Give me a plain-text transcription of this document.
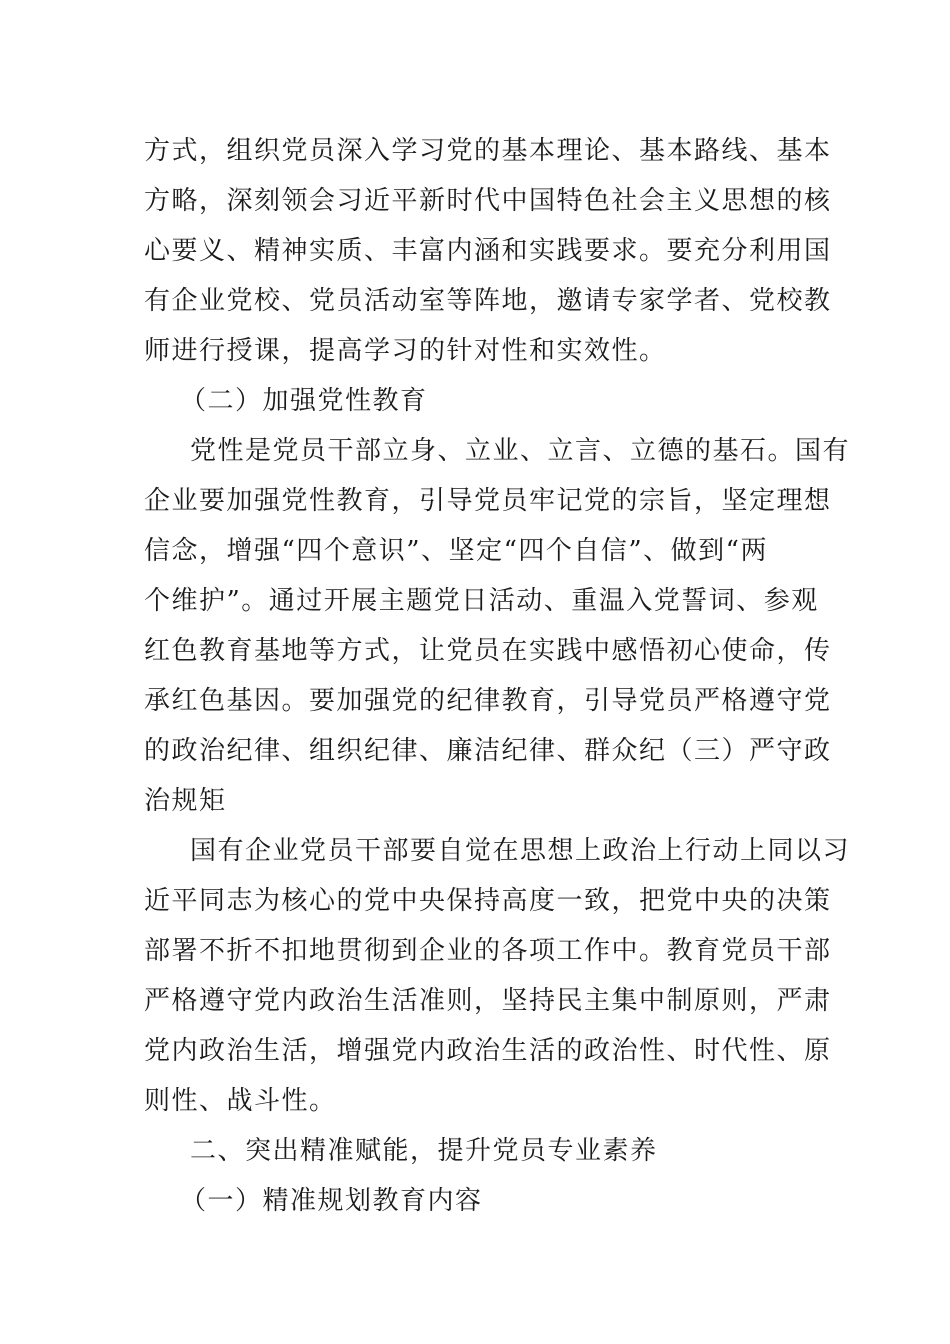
方式，组织党员深入学习党的基本理论、基本路线、基本
方略，深刻领会习近平新时代中国特色社会主义思想的核
心要义、精神实质、丰富内涵和实践要求。要充分利用国
有企业党校、党员活动室等阵地，邀请专家学者、党校教
师进行授课，提高学习的针对性和实效性。
（二）加强党性教育
党性是党员干部立身、立业、立言、立德的基石。国有
企业要加强党性教育，引导党员牢记党的宗旨，坚定理想
信念，增强“四个意识”、坚定“四个自信”、做到“两
个维护”。通过开展主题党日活动、重温入党誓词、参观
红色教育基地等方式，让党员在实践中感悟初心使命，传
承红色基因。要加强党的纪律教育，引导党员严格遵守党
的政治纪律、组织纪律、廉洁纪律、群众纪（三）严守政
治规矩
国有企业党员干部要自觉在思想上政治上行动上同以习
近平同志为核心的党中央保持高度一致，把党中央的决策
部署不折不扣地贯彻到企业的各项工作中。教育党员干部
严格遵守党内政治生活准则，坚持民主集中制原则，严肃
党内政治生活，增强党内政治生活的政治性、时代性、原
则性、战斗性。
二、突出精准赋能，提升党员专业素养
（一）精准规划教育内容
